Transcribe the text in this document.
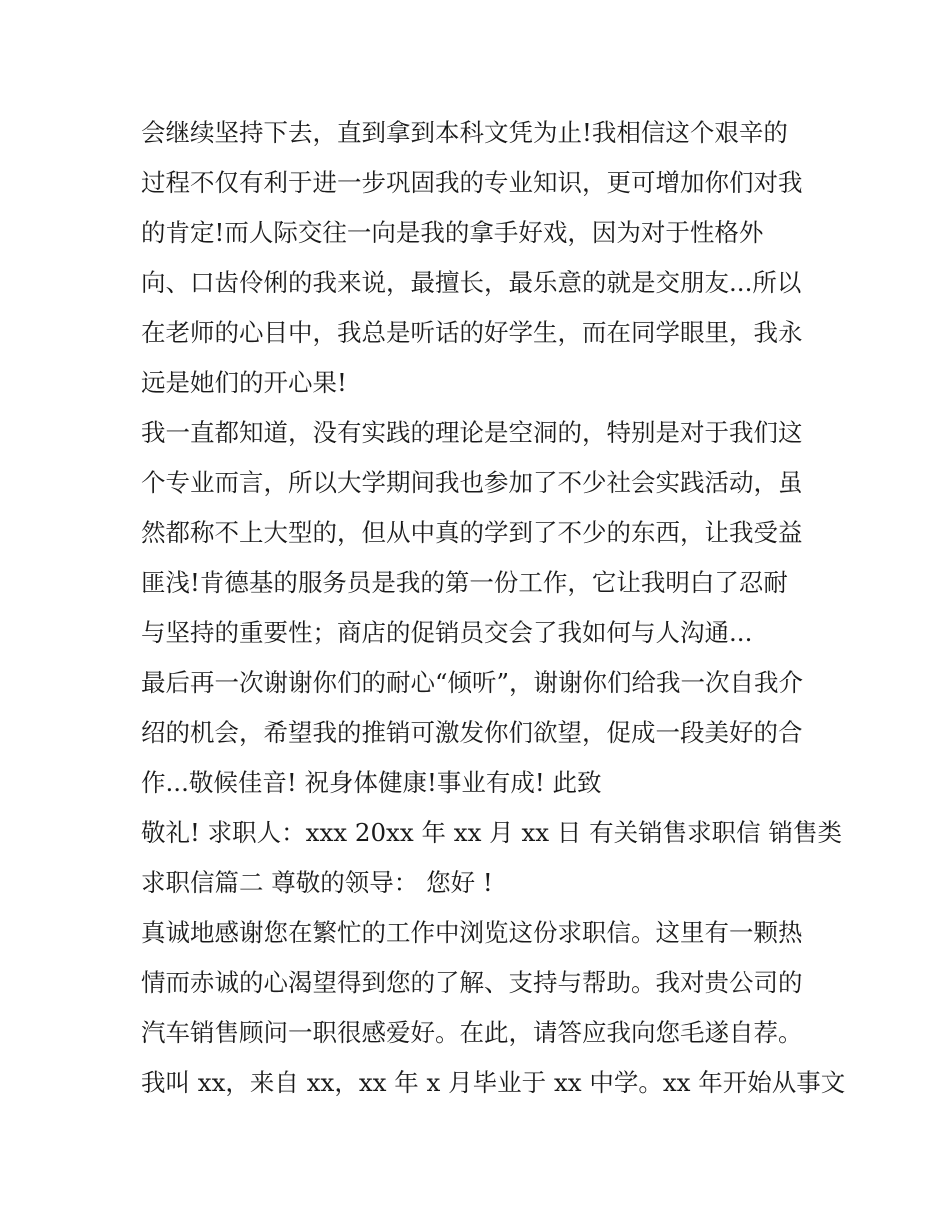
会继续坚持下去，直到拿到本科文凭为止!我相信这个艰辛的
过程不仅有利于进一步巩固我的专业知识，更可增加你们对我
的肯定!而人际交往一向是我的拿手好戏，因为对于性格外
向、口齿伶俐的我来说，最擅长，最乐意的就是交朋友...所以
在老师的心目中，我总是听话的好学生，而在同学眼里，我永
远是她们的开心果!
我一直都知道，没有实践的理论是空洞的，特别是对于我们这
个专业而言，所以大学期间我也参加了不少社会实践活动，虽
然都称不上大型的，但从中真的学到了不少的东西，让我受益
匪浅!肯德基的服务员是我的第一份工作，它让我明白了忍耐
与坚持的重要性；商店的促销员交会了我如何与人沟通...
最后再一次谢谢你们的耐心“倾听”，谢谢你们给我一次自我介
绍的机会，希望我的推销可激发你们欲望，促成一段美好的合
作...敬候佳音! 祝身体健康!事业有成! 此致
敬礼! 求职人：xxx 20xx 年 xx 月 xx 日 有关销售求职信 销售类
求职信篇二 尊敬的领导： 您好 !
真诚地感谢您在繁忙的工作中浏览这份求职信。这里有一颗热
情而赤诚的心渴望得到您的了解、支持与帮助。我对贵公司的
汽车销售顾问一职很感爱好。在此，请答应我向您毛遂自荐。
我叫 xx，来自 xx，xx 年 x 月毕业于 xx 中学。xx 年开始从事文
